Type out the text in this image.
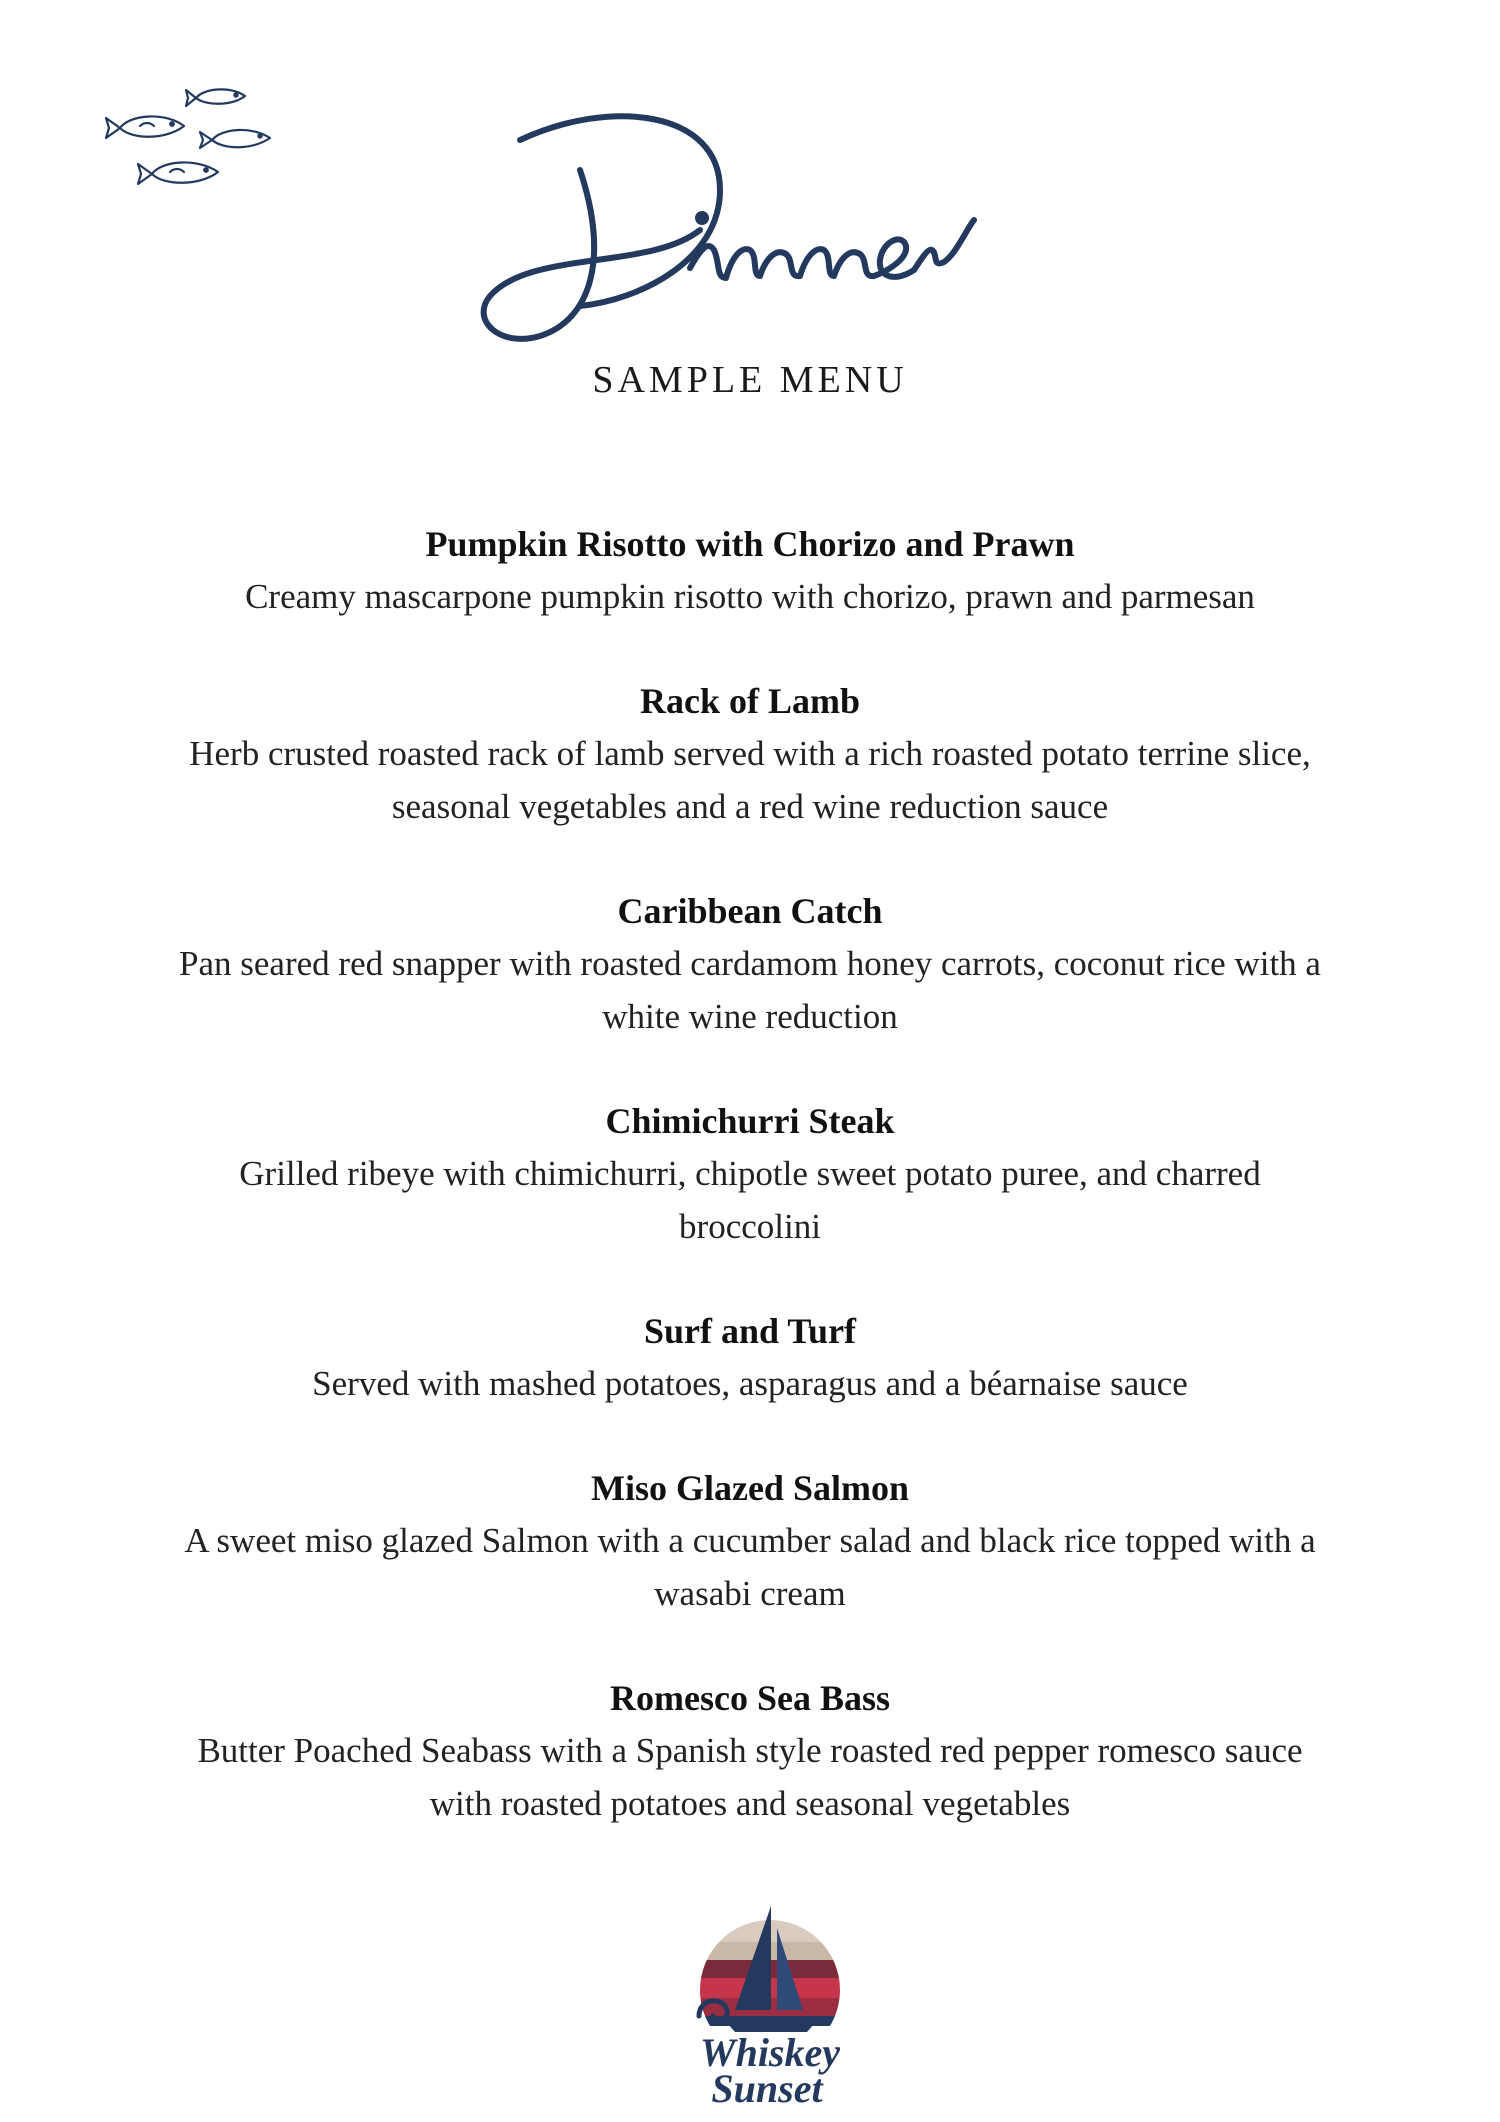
SAMPLE MENU
Pumpkin Risotto with Chorizo and Prawn
Creamy mascarpone pumpkin risotto with chorizo, prawn and parmesan
Rack of Lamb
Herb crusted roasted rack of lamb served with a rich roasted potato terrine slice, seasonal vegetables and a red wine reduction sauce
Caribbean Catch
Pan seared red snapper with roasted cardamom honey carrots, coconut rice with a white wine reduction
Chimichurri Steak
Grilled ribeye with chimichurri, chipotle sweet potato puree, and charred broccolini
Surf and Turf
Served with mashed potatoes, asparagus and a béarnaise sauce
Miso Glazed Salmon
A sweet miso glazed Salmon with a cucumber salad and black rice topped with a wasabi cream
Romesco Sea Bass
Butter Poached Seabass with a Spanish style roasted red pepper romesco sauce with roasted potatoes and seasonal vegetables
Whiskey
Sunset
